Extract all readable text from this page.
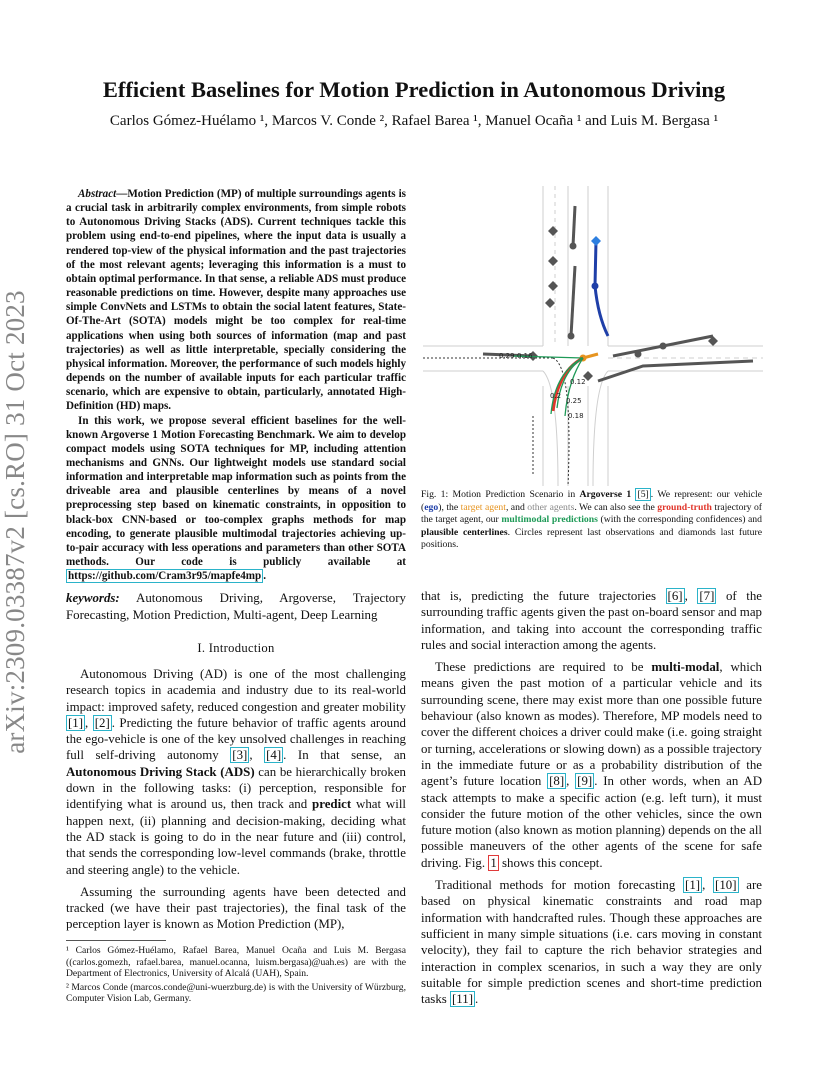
arXiv:2309.03387v2 [cs.RO] 31 Oct 2023
Efficient Baselines for Motion Prediction in Autonomous Driving
Carlos Gómez-Huélamo ¹, Marcos V. Conde ², Rafael Barea ¹, Manuel Ocaña ¹ and Luis M. Bergasa ¹

Abstract—Motion Prediction (MP) of multiple surroundings agents is a crucial task in arbitrarily complex environments, from simple robots to Autonomous Driving Stacks (ADS). Current techniques tackle this problem using end-to-end pipelines, where the input data is usually a rendered top-view of the physical information and the past trajectories of the most relevant agents; leveraging this information is a must to obtain optimal performance. In that sense, a reliable ADS must produce reasonable predictions on time. However, despite many approaches use simple ConvNets and LSTMs to obtain the social latent features, State-Of-The-Art (SOTA) models might be too complex for real-time applications when using both sources of information (map and past trajectories) as well as little interpretable, specially considering the physical information. Moreover, the performance of such models highly depends on the number of available inputs for each particular traffic scenario, which are expensive to obtain, particularly, annotated High-Definition (HD) maps.

In this work, we propose several efficient baselines for the well-known Argoverse 1 Motion Forecasting Benchmark. We aim to develop compact models using SOTA techniques for MP, including attention mechanisms and GNNs. Our lightweight models use standard social information and interpretable map information such as points from the driveable area and plausible centerlines by means of a novel preprocessing step based on kinematic constraints, in opposition to black-box CNN-based or too-complex graphs methods for map encoding, to generate plausible multimodal trajectories achieving up-to-pair accuracy with less operations and parameters than other SOTA methods. Our code is publicly available at https://github.com/Cram3r95/mapfe4mp .

keywords: Autonomous Driving, Argoverse, Trajectory Forecasting, Motion Prediction, Multi-agent, Deep Learning
I. Introduction

Autonomous Driving (AD) is one of the most challenging research topics in academia and industry due to its real-world impact: improved safety, reduced congestion and greater mobility [1] , [2] . Predicting the future behavior of traffic agents around the ego-vehicle is one of the key unsolved challenges in reaching full self-driving autonomy [3] , [4] . In that sense, an Autonomous Driving Stack (ADS) can be hierarchically broken down in the following tasks: (i) perception, responsible for identifying what is around us, then track and predict what will happen next, (ii) planning and decision-making, deciding what the AD stack is going to do in the near future and (iii) control, that sends the corresponding low-level commands (brake, throttle and steering angle) to the vehicle.

Assuming the surrounding agents have been detected and tracked (we have their past trajectories), the final task of the perception layer is known as Motion Prediction (MP),

¹ Carlos Gómez-Huélamo, Rafael Barea, Manuel Ocaña and Luis M. Bergasa ((carlos.gomezh, rafael.barea, manuel.ocanna, luism.bergasa)@uah.es) are with the Department of Electronics, University of Alcalá (UAH), Spain.

² Marcos Conde (marcos.conde@uni-wuerzburg.de) is with the University of Würzburg, Computer Vision Lab, Germany.

0.29 0.16
0.12
0.2
0.25
0.18
Fig. 1: Motion Prediction Scenario in Argoverse 1 [5] . We represent: our vehicle (ego), the target agent, and other agents. We can also see the ground-truth trajectory of the target agent, our multimodal predictions (with the corresponding confidences) and plausible centerlines. Circles represent last observations and diamonds last future positions.

that is, predicting the future trajectories [6] , [7] of the surrounding traffic agents given the past on-board sensor and map information, and taking into account the corresponding traffic rules and social interaction among the agents.

These predictions are required to be multi-modal, which means given the past motion of a particular vehicle and its surrounding scene, there may exist more than one possible future behaviour (also known as modes). Therefore, MP models need to cover the different choices a driver could make (i.e. going straight or turning, accelerations or slowing down) as a possible trajectory in the immediate future or as a probability distribution of the agent’s future location [8] , [9] . In other words, when an AD stack attempts to make a specific action (e.g. left turn), it must consider the future motion of the other vehicles, since the own future motion (also known as motion planning) depends on the all possible maneuvers of the other agents of the scene for safe driving. Fig. 1 shows this concept.

Traditional methods for motion forecasting [1] , [10] are based on physical kinematic constraints and road map information with handcrafted rules. Though these approaches are sufficient in many simple situations (i.e. cars moving in constant velocity), they fail to capture the rich behavior strategies and interaction in complex scenarios, in such a way they are only suitable for simple prediction scenes and short-time prediction tasks [11] .
